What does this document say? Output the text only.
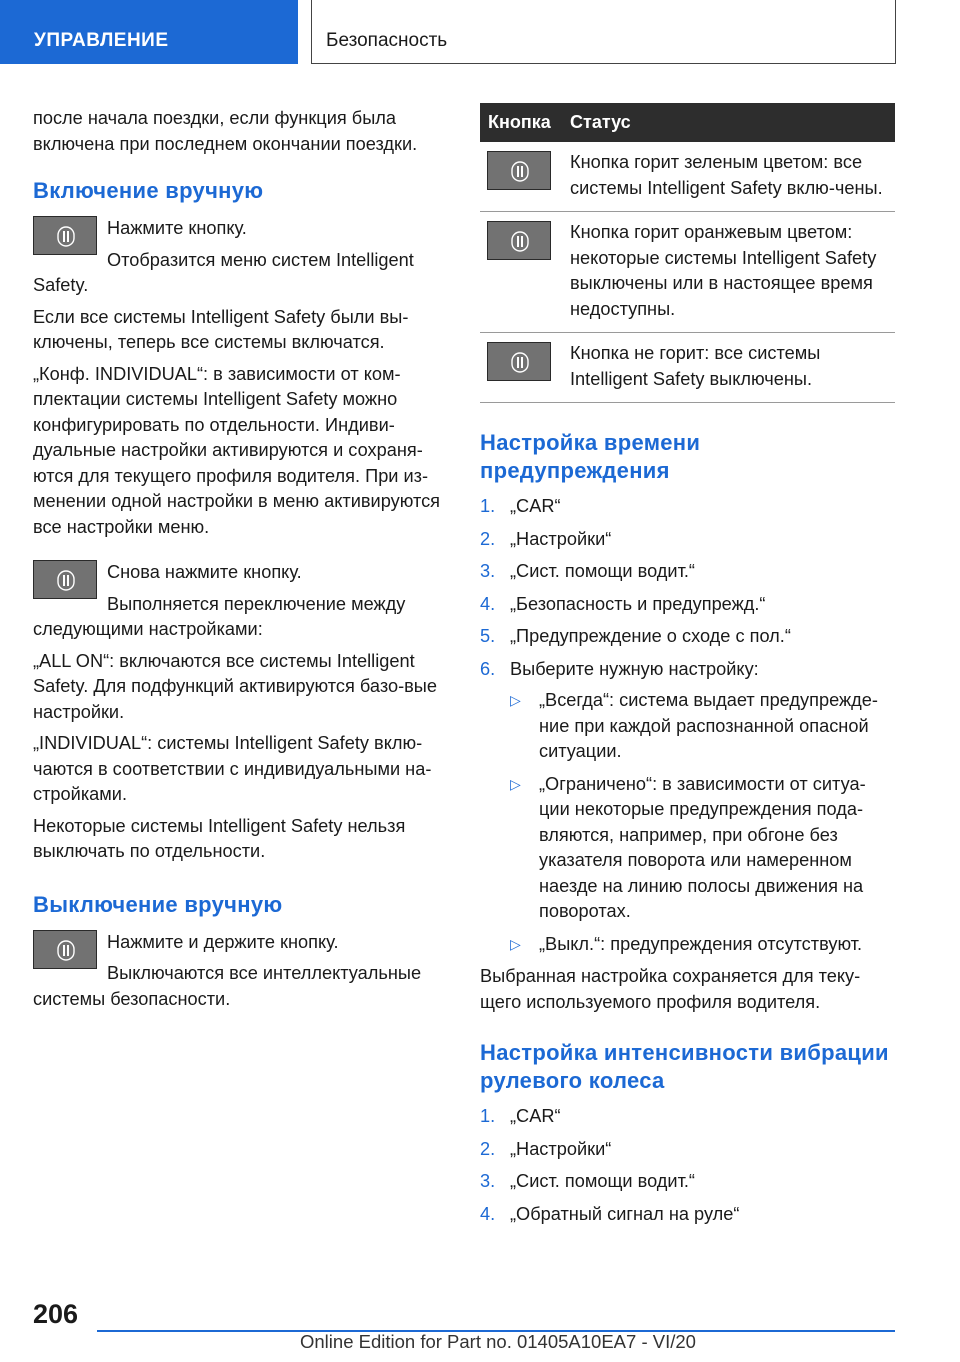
УПРАВЛЕНИЕ	Безопасность

после начала поездки, если функция была включена при последнем окончании поездки.

Включение вручную

Нажмите кнопку.

Отобразится меню систем Intelligent Safety.

Если все системы Intelligent Safety были вы-ключены, теперь все системы включатся.

„Конф. INDIVIDUAL“: в зависимости от ком-плектации системы Intelligent Safety можно конфигурировать по отдельности. Индиви-дуальные настройки активируются и сохраня-ются для текущего профиля водителя. При из-менении одной настройки в меню активируются все настройки меню.

Снова нажмите кнопку.

Выполняется переключение между следующими настройками:

„ALL ON“: включаются все системы Intelligent Safety. Для подфункций активируются базо-вые настройки.

„INDIVIDUAL“: системы Intelligent Safety вклю-чаются в соответствии с индивидуальными на-стройками.

Некоторые системы Intelligent Safety нельзя выключать по отдельности.

Выключение вручную

Нажмите и держите кнопку.

Выключаются все интеллектуальные системы безопасности.

Кнопка	Статус

	Кнопка горит зеленым цветом: все системы Intelligent Safety вклю-чены.

	Кнопка горит оранжевым цветом: некоторые системы Intelligent Safety выключены или в настоящее время недоступны.

	Кнопка не горит: все системы Intelligent Safety выключены.
Настройка времени предупреждения
1. „CAR“
2. „Настройки“
3. „Сист. помощи водит.“
4. „Безопасность и предупрежд.“
5. „Предупреждение о сходе с пол.“
6. Выберите нужную настройку:
▷ „Всегда“: система выдает предупрежде-ние при каждой распознанной опасной ситуации.
▷ „Ограничено“: в зависимости от ситуа-ции некоторые предупреждения пода-вляются, например, при обгоне без указателя поворота или намеренном наезде на линию полосы движения на поворотах.
▷ „Выкл.“: предупреждения отсутствуют.

Выбранная настройка сохраняется для теку-щего используемого профиля водителя.

Настройка интенсивности вибрации рулевого колеса
1. „CAR“
2. „Настройки“
3. „Сист. помощи водит.“
4. „Обратный сигнал на руле“
206
Online Edition for Part no. 01405A10EA7 - VI/20
